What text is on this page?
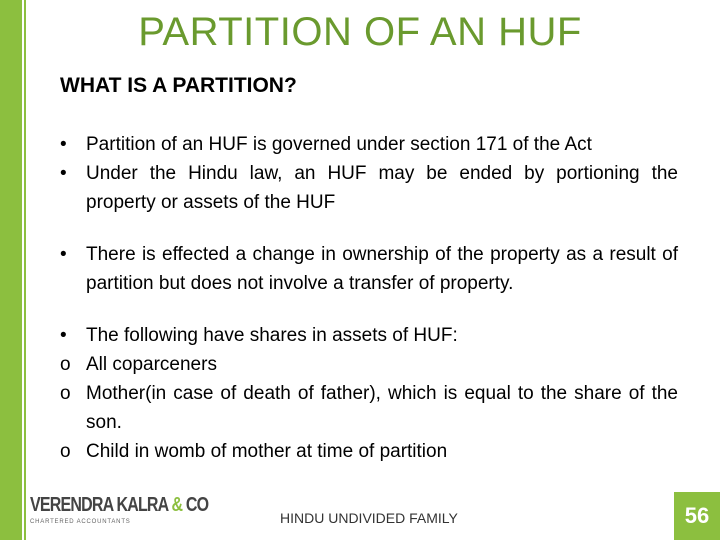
PARTITION OF AN HUF
WHAT IS A PARTITION?
• Partition of an HUF is governed under section 171 of the Act
• Under the Hindu law, an HUF may be ended by portioning the property or assets of the HUF
• There is effected a change in ownership of the property as a result of partition but does not involve a transfer of property.
• The following have shares in assets of HUF:
o All coparceners
o Mother(in case of death of father), which is equal to the share of the son.
o Child in womb of mother at time of partition
VERENDRA KALRA & CO
CHARTERED ACCOUNTANTS	HINDU UNDIVIDED FAMILY	56
